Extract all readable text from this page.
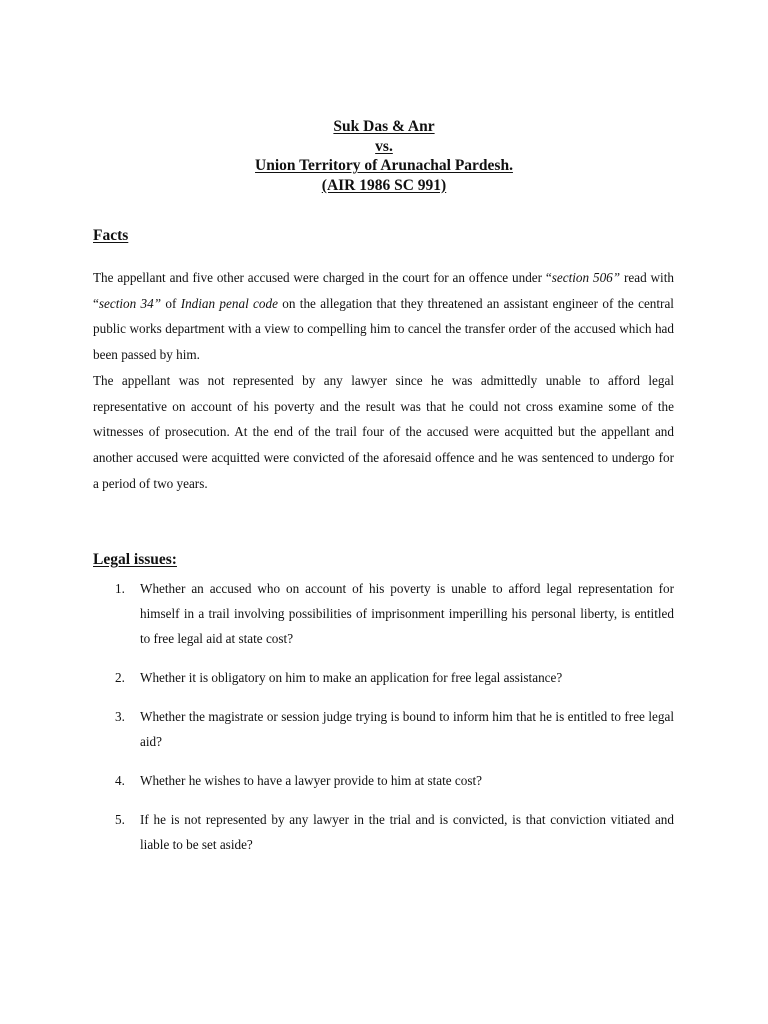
Suk Das & Anr
vs.
Union Territory of Arunachal Pardesh.
(AIR 1986 SC 991)
Facts

The appellant and five other accused were charged in the court for an offence under “section 506” read with “section 34” of Indian penal code on the allegation that they threatened an assistant engineer of the central public works department with a view to compelling him to cancel the transfer order of the accused which had been passed by him.

The appellant was not represented by any lawyer since he was admittedly unable to afford legal representative on account of his poverty and the result was that he could not cross examine some of the witnesses of prosecution. At the end of the trail four of the accused were acquitted but the appellant and another accused were acquitted were convicted of the aforesaid offence and he was sentenced to undergo for a period of two years.

Legal issues:
1. Whether an accused who on account of his poverty is unable to afford legal representation for himself in a trail involving possibilities of imprisonment imperilling his personal liberty, is entitled to free legal aid at state cost?
2. Whether it is obligatory on him to make an application for free legal assistance?
3. Whether the magistrate or session judge trying is bound to inform him that he is entitled to free legal aid?
4. Whether he wishes to have a lawyer provide to him at state cost?
5. If he is not represented by any lawyer in the trial and is convicted, is that conviction vitiated and liable to be set aside?
